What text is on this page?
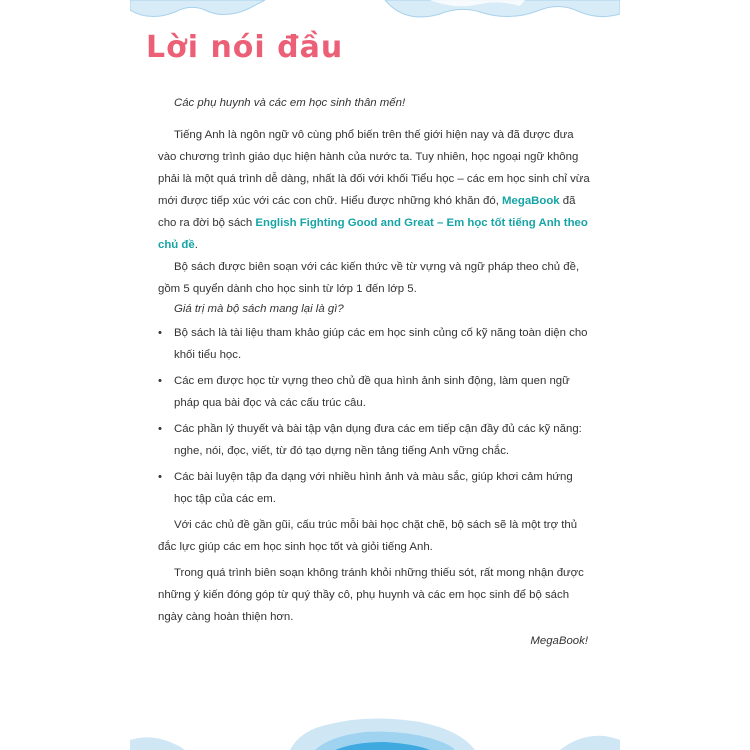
Lời nói đầu

Các phụ huynh và các em học sinh thân mến!

Tiếng Anh là ngôn ngữ vô cùng phổ biến trên thế giới hiện nay và đã được đưa vào chương trình giáo dục hiện hành của nước ta. Tuy nhiên, học ngoại ngữ không phải là một quá trình dễ dàng, nhất là đối với khối Tiểu học – các em học sinh chỉ vừa mới được tiếp xúc với các con chữ. Hiểu được những khó khăn đó, MegaBook đã cho ra đời bộ sách English Fighting Good and Great – Em học tốt tiếng Anh theo chủ đề.

Bộ sách được biên soạn với các kiến thức về từ vựng và ngữ pháp theo chủ đề, gồm 5 quyển dành cho học sinh từ lớp 1 đến lớp 5.

Giá trị mà bộ sách mang lại là gì?

• Bộ sách là tài liệu tham khảo giúp các em học sinh củng cố kỹ năng toàn diện cho khối tiểu học.

• Các em được học từ vựng theo chủ đề qua hình ảnh sinh động, làm quen ngữ pháp qua bài đọc và các cấu trúc câu.

• Các phần lý thuyết và bài tập vận dụng đưa các em tiếp cận đầy đủ các kỹ năng: nghe, nói, đọc, viết, từ đó tạo dựng nền tảng tiếng Anh vững chắc.

• Các bài luyện tập đa dạng với nhiều hình ảnh và màu sắc, giúp khơi cảm hứng học tập của các em.

Với các chủ đề gần gũi, cấu trúc mỗi bài học chặt chẽ, bộ sách sẽ là một trợ thủ đắc lực giúp các em học sinh học tốt và giỏi tiếng Anh.

Trong quá trình biên soạn không tránh khỏi những thiếu sót, rất mong nhận được những ý kiến đóng góp từ quý thầy cô, phụ huynh và các em học sinh để bộ sách ngày càng hoàn thiện hơn.

MegaBook!
